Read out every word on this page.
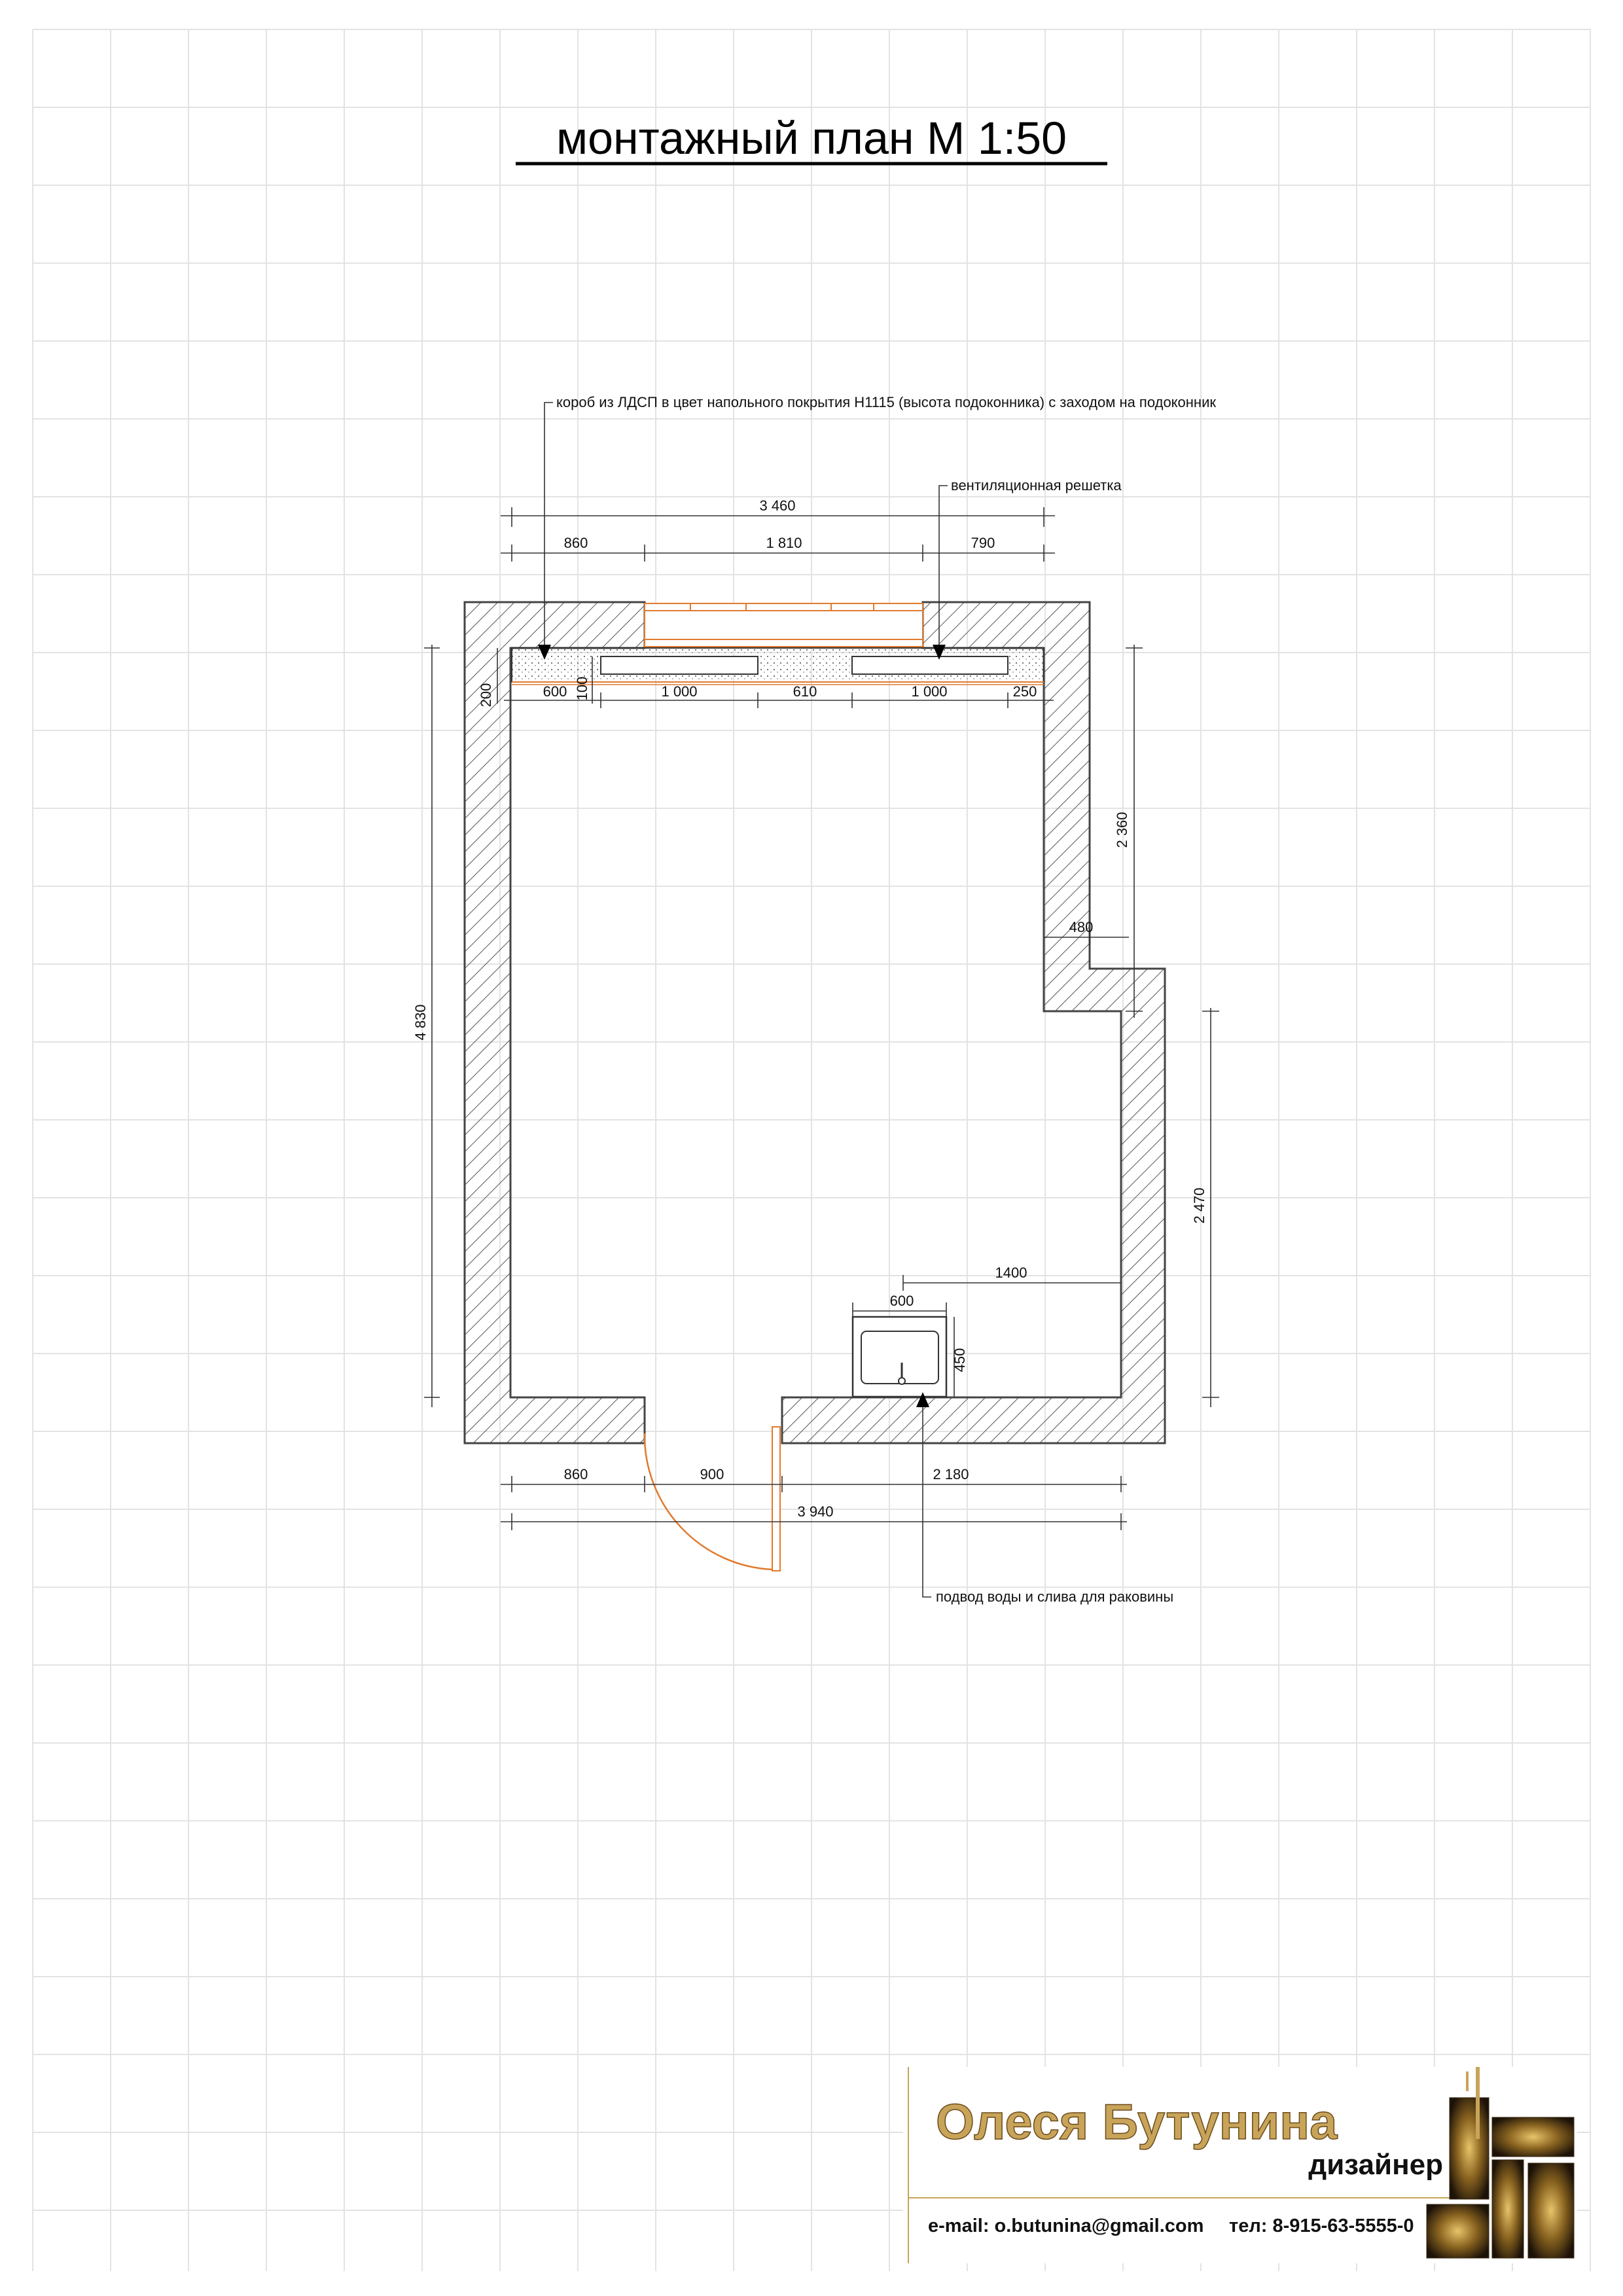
монтажный план М 1:50
3 460
860	1 810	790
200	100
600	1 000	610	1 000	250
4 830
2 360
480
2 470
1400
600
450
860	900	2 180
3 940
короб из ЛДСП в цвет напольного покрытия H1115 (высота подоконника) с заходом на подоконник
вентиляционная решетка
подвод воды и слива для раковины
Олеся Бутунина
дизайнер
e-mail: o.butunina@gmail.com тел: 8-915-63-5555-0
